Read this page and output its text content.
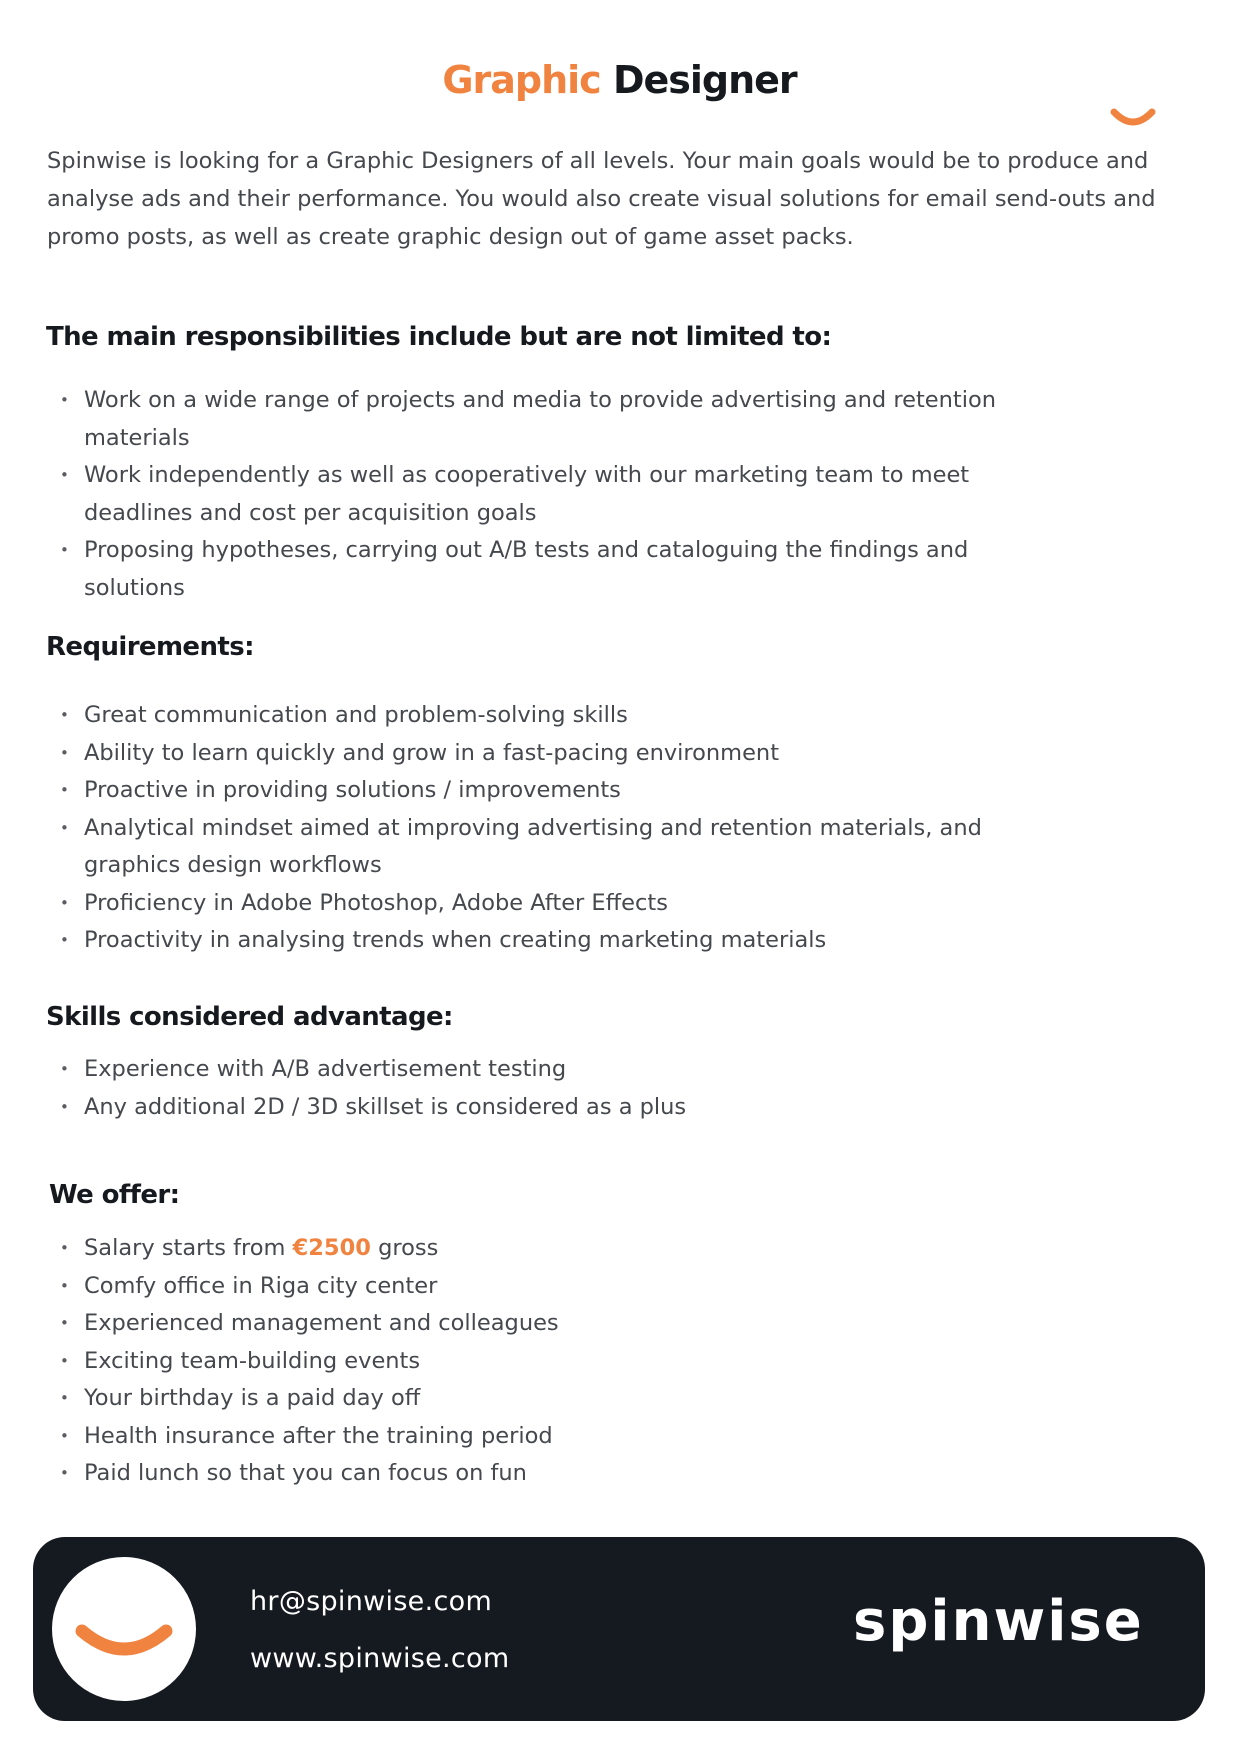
Graphic Designer

Spinwise is looking for a Graphic Designers of all levels. Your main goals would be to produce and analyse ads and their performance. You would also create visual solutions for email send-outs and promo posts, as well as create graphic design out of game asset packs.

The main responsibilities include but are not limited to:
• Work on a wide range of projects and media to provide advertising and retention materials
• Work independently as well as cooperatively with our marketing team to meet deadlines and cost per acquisition goals
• Proposing hypotheses, carrying out A/B tests and cataloguing the findings and solutions
Requirements:
• Great communication and problem-solving skills
• Ability to learn quickly and grow in a fast-pacing environment
• Proactive in providing solutions / improvements
• Analytical mindset aimed at improving advertising and retention materials, and graphics design workflows
• Proficiency in Adobe Photoshop, Adobe After Effects
• Proactivity in analysing trends when creating marketing materials
Skills considered advantage:
• Experience with A/B advertisement testing
• Any additional 2D / 3D skillset is considered as a plus
We offer:
• Salary starts from €2500 gross
• Comfy office in Riga city center
• Experienced management and colleagues
• Exciting team-building events
• Your birthday is a paid day off
• Health insurance after the training period
• Paid lunch so that you can focus on fun
hr@spinwise.com
www.spinwise.com
spinwise
